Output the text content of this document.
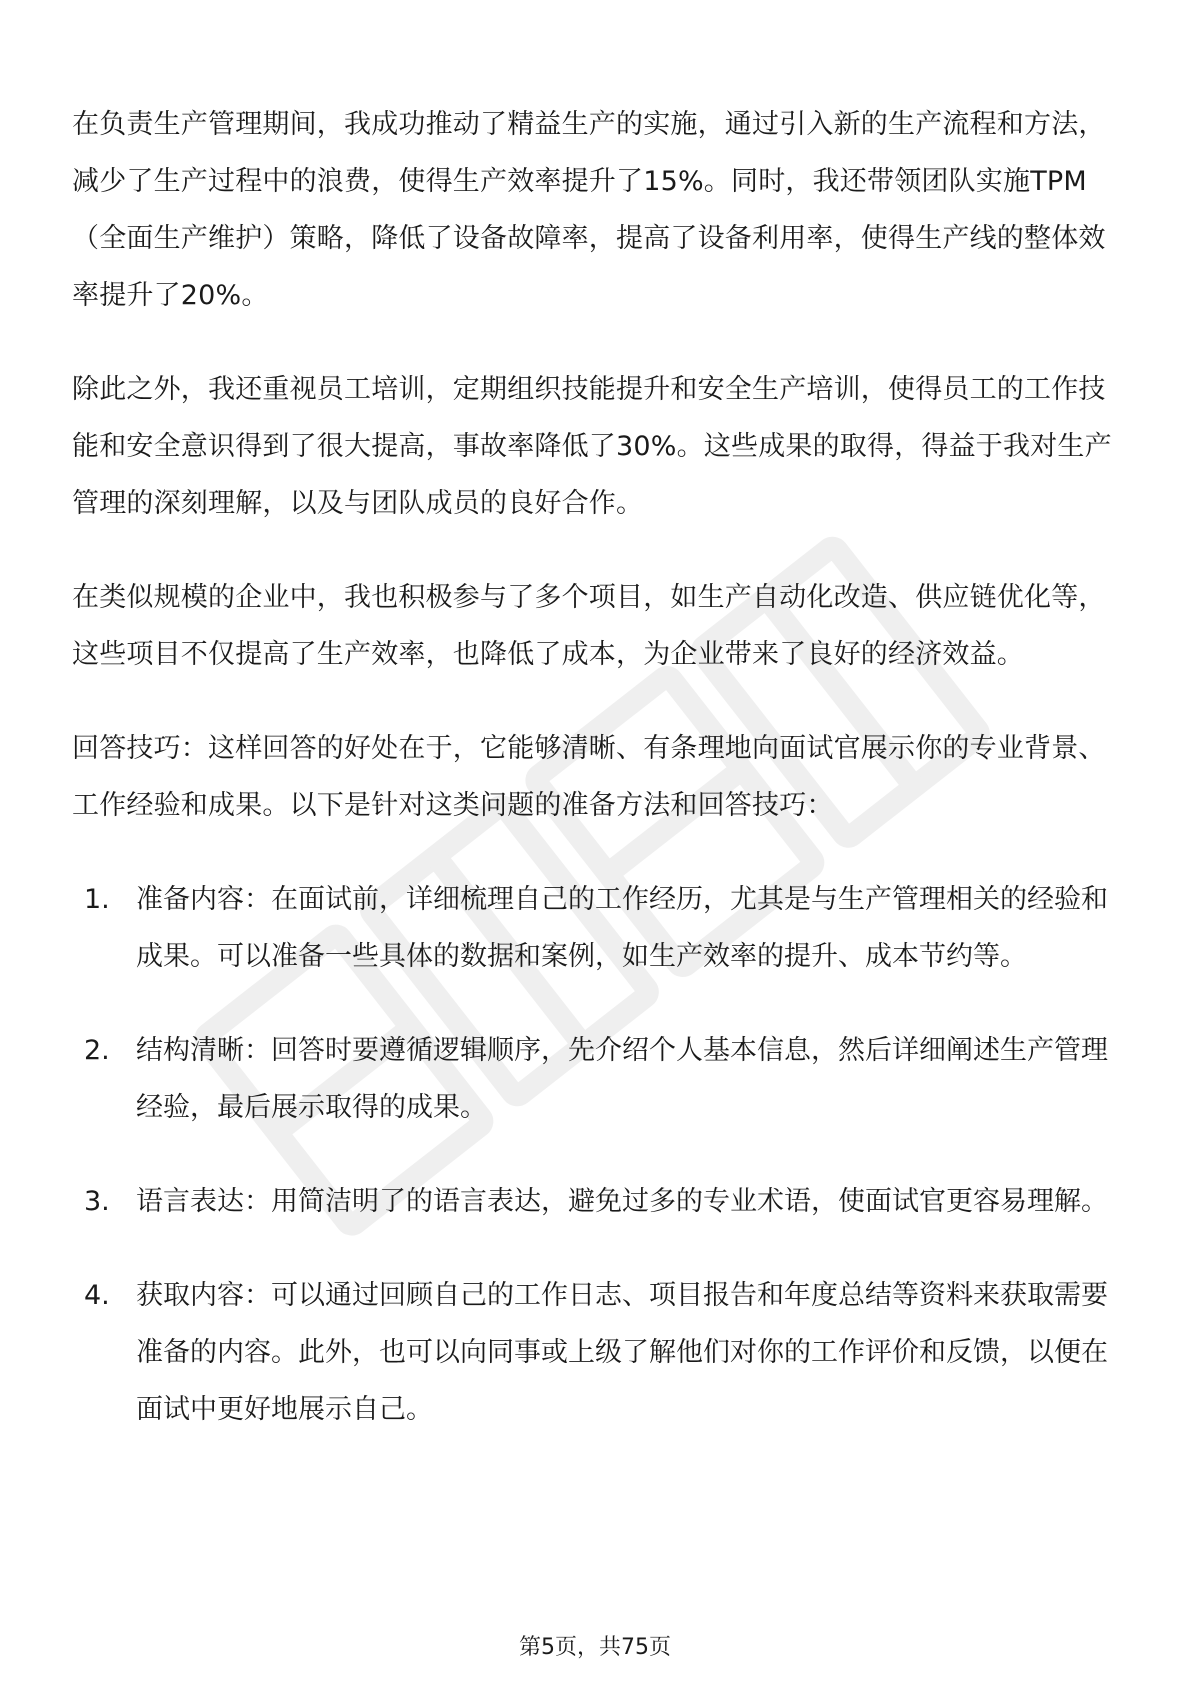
在负责生产管理期间，我成功推动了精益生产的实施，通过引入新的生产流程和方法，减少了生产过程中的浪费，使得生产效率提升了15%。同时，我还带领团队实施TPM（全面生产维护）策略，降低了设备故障率，提高了设备利用率，使得生产线的整体效率提升了20%。

除此之外，我还重视员工培训，定期组织技能提升和安全生产培训，使得员工的工作技能和安全意识得到了很大提高，事故率降低了30%。这些成果的取得，得益于我对生产管理的深刻理解，以及与团队成员的良好合作。

在类似规模的企业中，我也积极参与了多个项目，如生产自动化改造、供应链优化等，这些项目不仅提高了生产效率，也降低了成本，为企业带来了良好的经济效益。

回答技巧：这样回答的好处在于，它能够清晰、有条理地向面试官展示你的专业背景、工作经验和成果。以下是针对这类问题的准备方法和回答技巧：

1. 准备内容：在面试前，详细梳理自己的工作经历，尤其是与生产管理相关的经验和成果。可以准备一些具体的数据和案例，如生产效率的提升、成本节约等。
2. 结构清晰：回答时要遵循逻辑顺序，先介绍个人基本信息，然后详细阐述生产管理经验，最后展示取得的成果。
3. 语言表达：用简洁明了的语言表达，避免过多的专业术语，使面试官更容易理解。
4. 获取内容：可以通过回顾自己的工作日志、项目报告和年度总结等资料来获取需要准备的内容。此外，也可以向同事或上级了解他们对你的工作评价和反馈，以便在面试中更好地展示自己。
第5页，共75页
